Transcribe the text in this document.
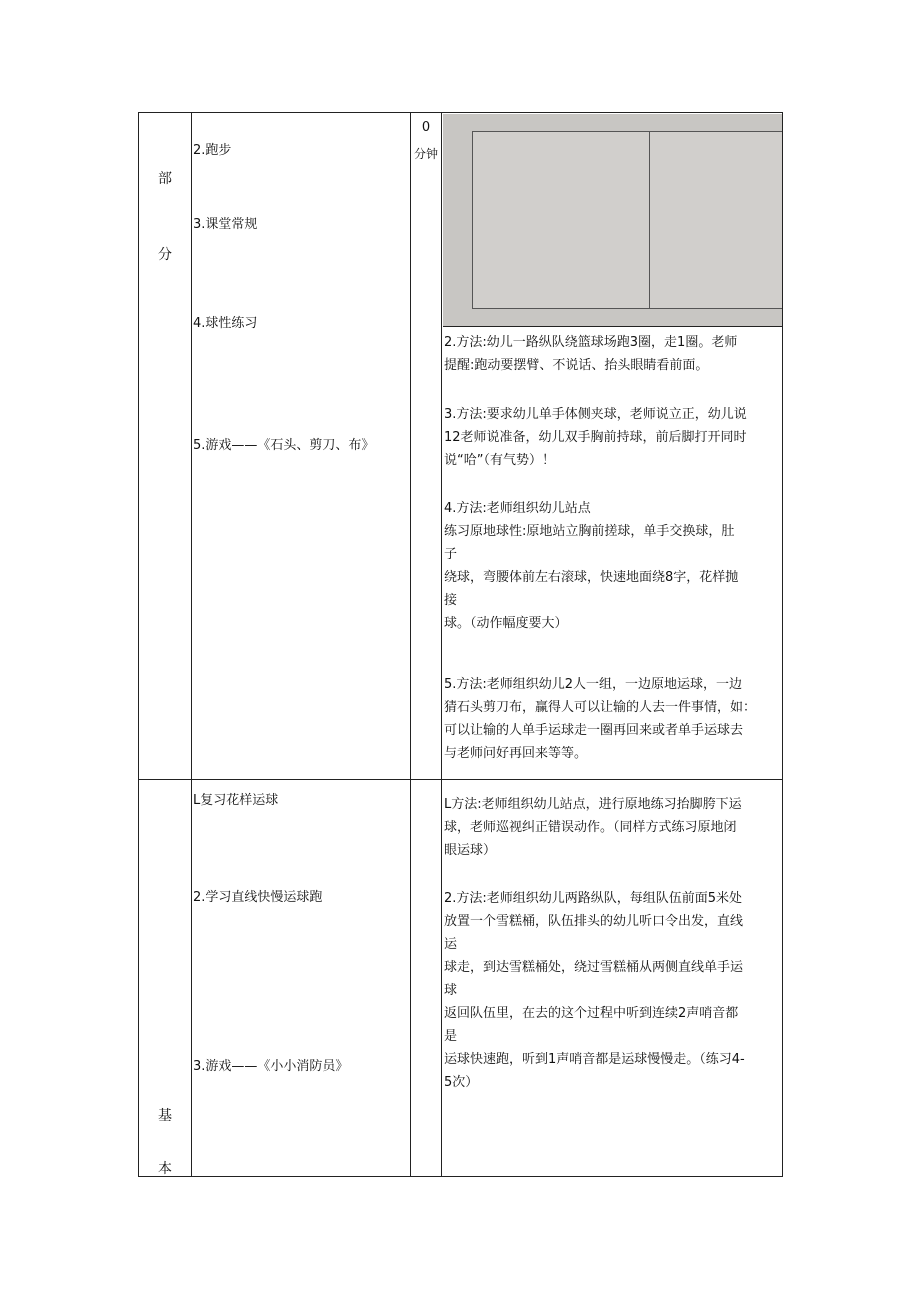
部
分
基
本
2.跑步
3.课堂常规
4.球性练习
5.游戏——《石头、剪刀、布》
0
分钟
2.方法:幼儿一路纵队绕篮球场跑3圈，走1圈。老师
提醒:跑动要摆臂、不说话、抬头眼睛看前面。
3.方法:要求幼儿单手体侧夹球，老师说立正，幼儿说
12老师说准备，幼儿双手胸前持球，前后脚打开同时
说“哈”（有气势）！
4.方法:老师组织幼儿站点
练习原地球性:原地站立胸前搓球，单手交换球，肚
子
绕球，弯腰体前左右滚球，快速地面绕8字，花样抛
接
球。（动作幅度要大）
5.方法:老师组织幼儿2人一组，一边原地运球，一边
猜石头剪刀布，赢得人可以让输的人去一件事情，如：
可以让输的人单手运球走一圈再回来或者单手运球去
与老师问好再回来等等。
L复习花样运球
2.学习直线快慢运球跑
3.游戏——《小小消防员》
L方法:老师组织幼儿站点，进行原地练习抬脚胯下运
球，老师巡视纠正错误动作。（同样方式练习原地闭
眼运球）
2.方法:老师组织幼儿两路纵队，每组队伍前面5米处
放置一个雪糕桶，队伍排头的幼儿听口令出发，直线
运
球走，到达雪糕桶处，绕过雪糕桶从两侧直线单手运
球
返回队伍里，在去的这个过程中听到连续2声哨音都
是
运球快速跑，听到1声哨音都是运球慢慢走。（练习4-
5次）
